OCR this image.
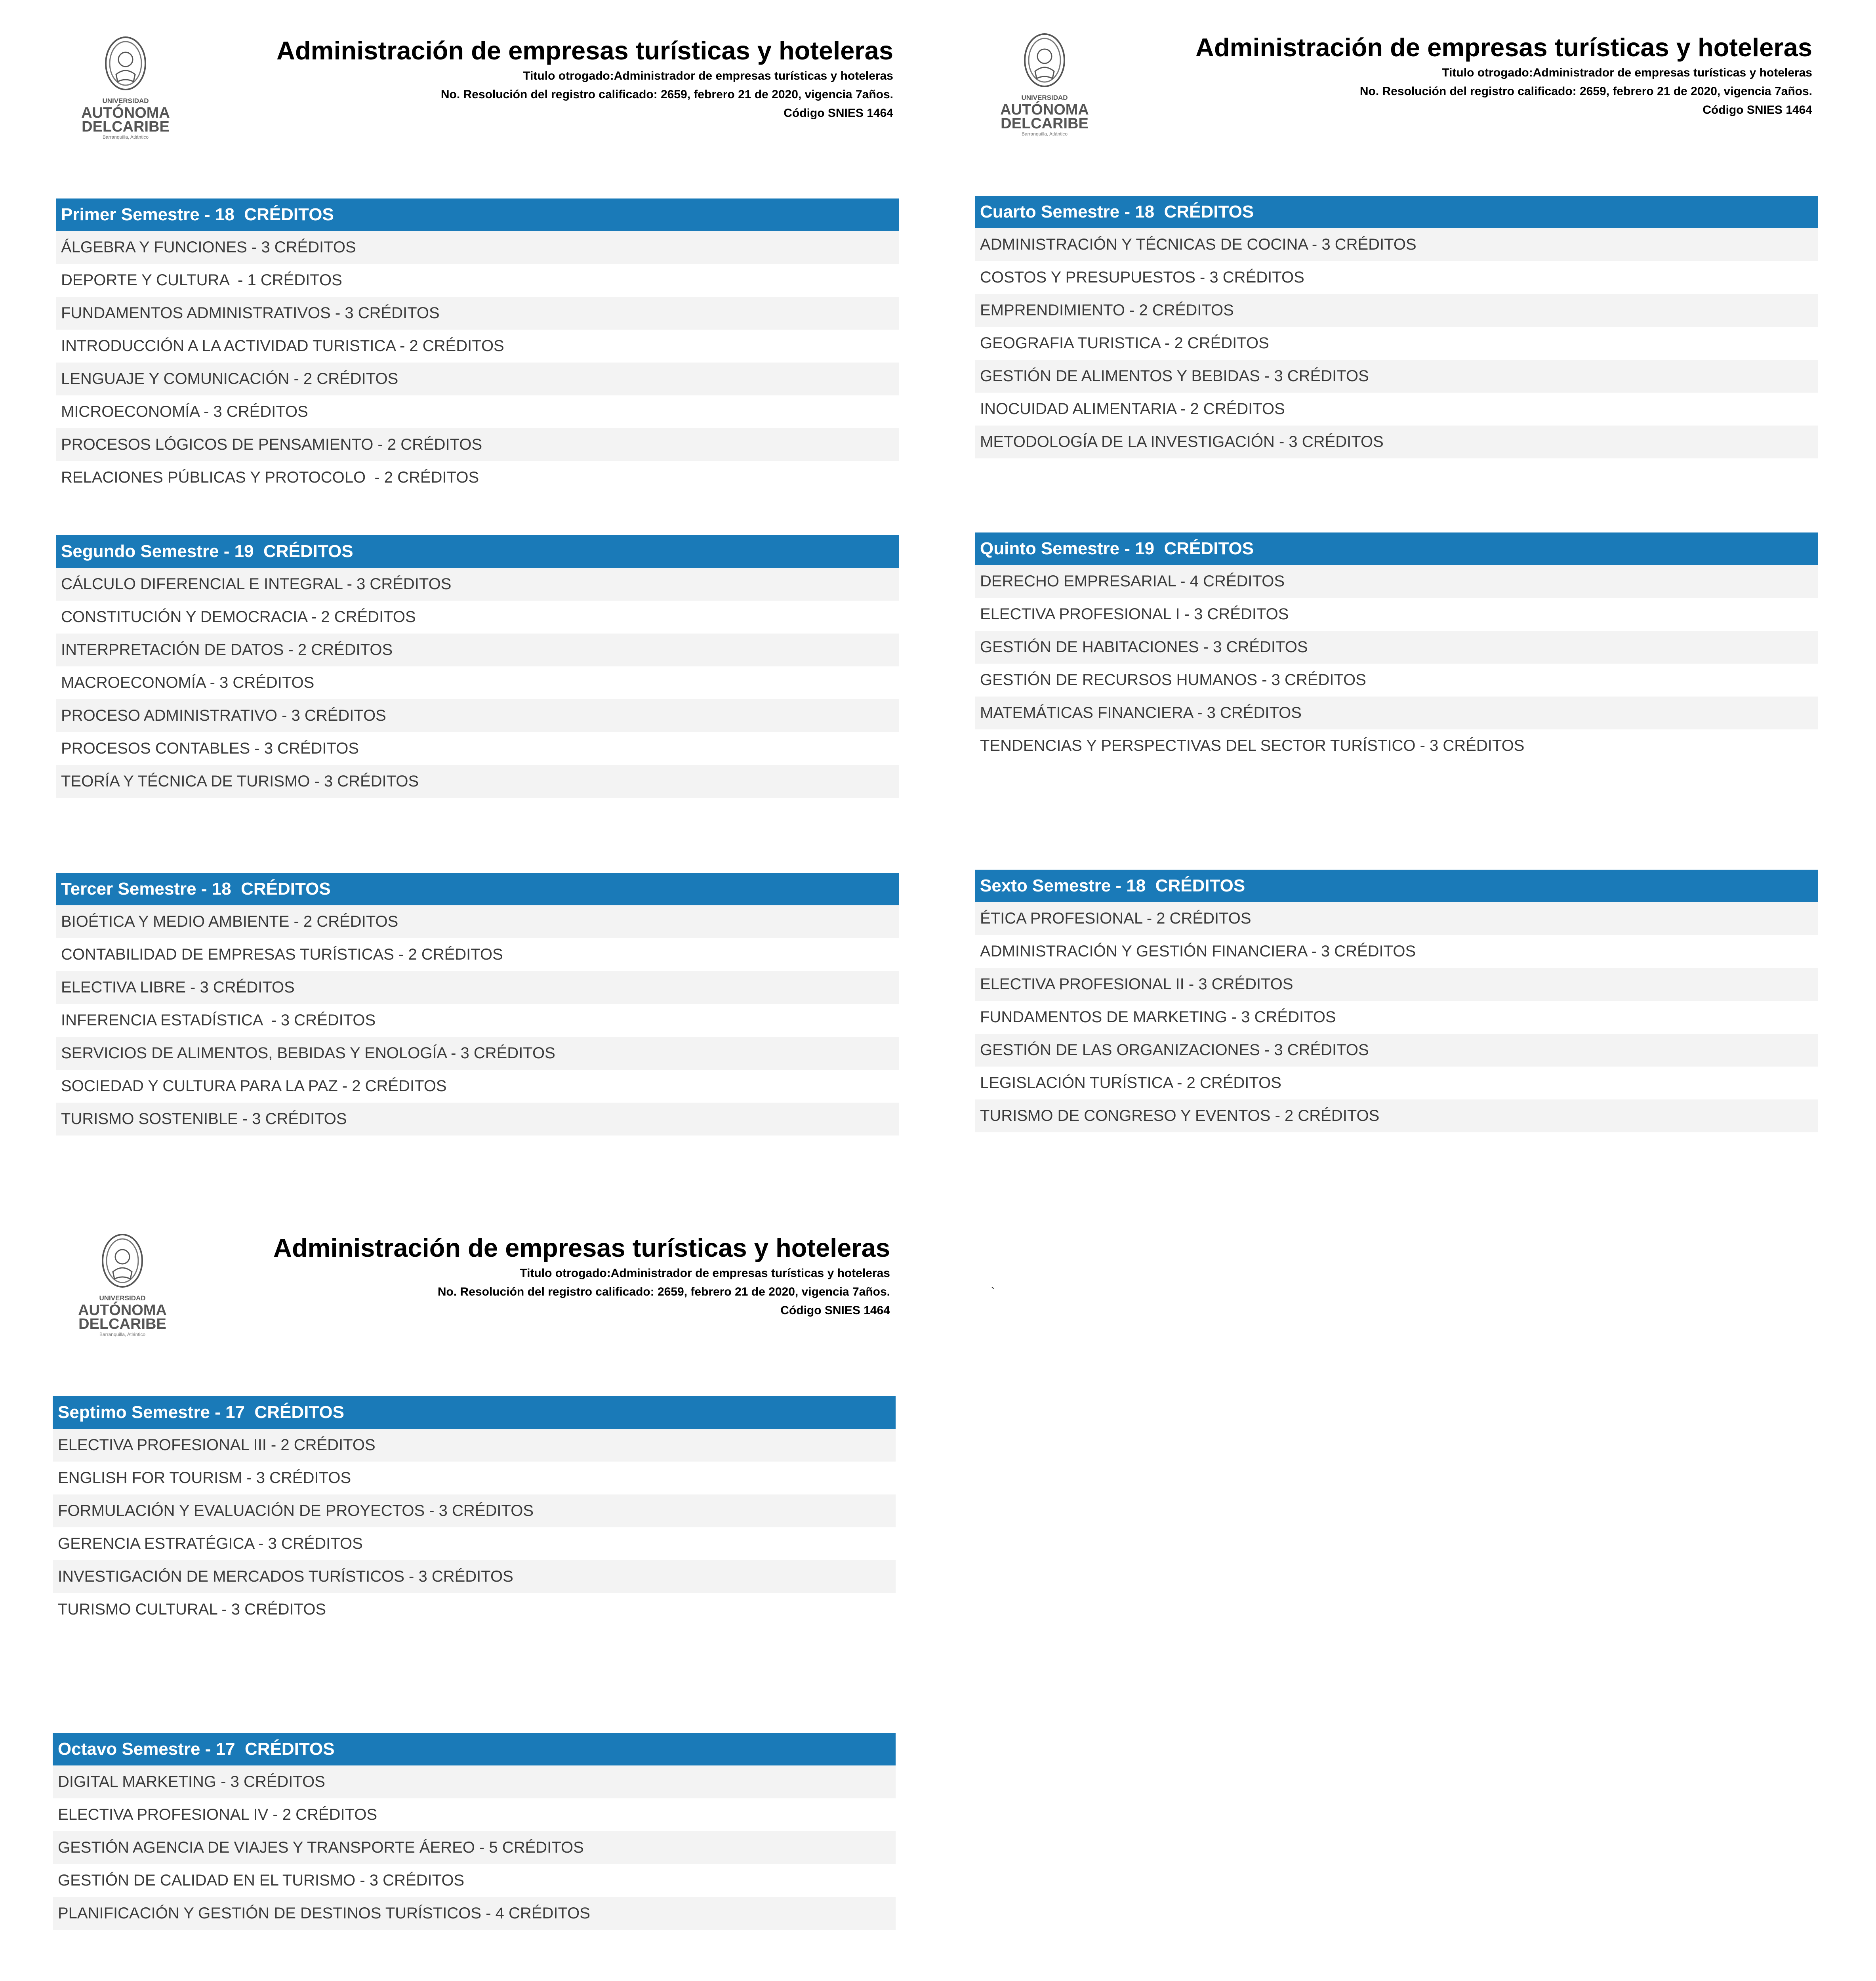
UNIVERSIDAD
AUTÓNOMA
DELCARIBE
Barranquilla, Atlántico
Administración de empresas turísticas y hoteleras
Titulo otrogado:Administrador de empresas turísticas y hoteleras
No. Resolución del registro calificado: 2659, febrero 21 de 2020, vigencia 7años.
Código SNIES 1464
UNIVERSIDAD
AUTÓNOMA
DELCARIBE
Barranquilla, Atlántico
Administración de empresas turísticas y hoteleras
Titulo otrogado:Administrador de empresas turísticas y hoteleras
No. Resolución del registro calificado: 2659, febrero 21 de 2020, vigencia 7años.
Código SNIES 1464
UNIVERSIDAD
AUTÓNOMA
DELCARIBE
Barranquilla, Atlántico
Administración de empresas turísticas y hoteleras
Titulo otrogado:Administrador de empresas turísticas y hoteleras
No. Resolución del registro calificado: 2659, febrero 21 de 2020, vigencia 7años.
Código SNIES 1464
`
Primer Semestre - 18  CRÉDITOS
ÁLGEBRA Y FUNCIONES - 3 CRÉDITOS
DEPORTE Y CULTURA  - 1 CRÉDITOS
FUNDAMENTOS ADMINISTRATIVOS - 3 CRÉDITOS
INTRODUCCIÓN A LA ACTIVIDAD TURISTICA - 2 CRÉDITOS
LENGUAJE Y COMUNICACIÓN - 2 CRÉDITOS
MICROECONOMÍA - 3 CRÉDITOS
PROCESOS LÓGICOS DE PENSAMIENTO - 2 CRÉDITOS
RELACIONES PÚBLICAS Y PROTOCOLO  - 2 CRÉDITOS
Segundo Semestre - 19  CRÉDITOS
CÁLCULO DIFERENCIAL E INTEGRAL - 3 CRÉDITOS
CONSTITUCIÓN Y DEMOCRACIA - 2 CRÉDITOS
INTERPRETACIÓN DE DATOS - 2 CRÉDITOS
MACROECONOMÍA - 3 CRÉDITOS
PROCESO ADMINISTRATIVO - 3 CRÉDITOS
PROCESOS CONTABLES - 3 CRÉDITOS
TEORÍA Y TÉCNICA DE TURISMO - 3 CRÉDITOS
Tercer Semestre - 18  CRÉDITOS
BIOÉTICA Y MEDIO AMBIENTE - 2 CRÉDITOS
CONTABILIDAD DE EMPRESAS TURÍSTICAS - 2 CRÉDITOS
ELECTIVA LIBRE - 3 CRÉDITOS
INFERENCIA ESTADÍSTICA  - 3 CRÉDITOS
SERVICIOS DE ALIMENTOS, BEBIDAS Y ENOLOGÍA - 3 CRÉDITOS
SOCIEDAD Y CULTURA PARA LA PAZ - 2 CRÉDITOS
TURISMO SOSTENIBLE - 3 CRÉDITOS
Cuarto Semestre - 18  CRÉDITOS
ADMINISTRACIÓN Y TÉCNICAS DE COCINA - 3 CRÉDITOS
COSTOS Y PRESUPUESTOS - 3 CRÉDITOS
EMPRENDIMIENTO - 2 CRÉDITOS
GEOGRAFIA TURISTICA - 2 CRÉDITOS
GESTIÓN DE ALIMENTOS Y BEBIDAS - 3 CRÉDITOS
INOCUIDAD ALIMENTARIA - 2 CRÉDITOS
METODOLOGÍA DE LA INVESTIGACIÓN - 3 CRÉDITOS
Quinto Semestre - 19  CRÉDITOS
DERECHO EMPRESARIAL - 4 CRÉDITOS
ELECTIVA PROFESIONAL I - 3 CRÉDITOS
GESTIÓN DE HABITACIONES - 3 CRÉDITOS
GESTIÓN DE RECURSOS HUMANOS - 3 CRÉDITOS
MATEMÁTICAS FINANCIERA - 3 CRÉDITOS
TENDENCIAS Y PERSPECTIVAS DEL SECTOR TURÍSTICO - 3 CRÉDITOS
Sexto Semestre - 18  CRÉDITOS
ÉTICA PROFESIONAL - 2 CRÉDITOS
ADMINISTRACIÓN Y GESTIÓN FINANCIERA - 3 CRÉDITOS
ELECTIVA PROFESIONAL II - 3 CRÉDITOS
FUNDAMENTOS DE MARKETING - 3 CRÉDITOS
GESTIÓN DE LAS ORGANIZACIONES - 3 CRÉDITOS
LEGISLACIÓN TURÍSTICA - 2 CRÉDITOS
TURISMO DE CONGRESO Y EVENTOS - 2 CRÉDITOS
Septimo Semestre - 17  CRÉDITOS
ELECTIVA PROFESIONAL III - 2 CRÉDITOS
ENGLISH FOR TOURISM - 3 CRÉDITOS
FORMULACIÓN Y EVALUACIÓN DE PROYECTOS - 3 CRÉDITOS
GERENCIA ESTRATÉGICA - 3 CRÉDITOS
INVESTIGACIÓN DE MERCADOS TURÍSTICOS - 3 CRÉDITOS
TURISMO CULTURAL - 3 CRÉDITOS
Octavo Semestre - 17  CRÉDITOS
DIGITAL MARKETING - 3 CRÉDITOS
ELECTIVA PROFESIONAL IV - 2 CRÉDITOS
GESTIÓN AGENCIA DE VIAJES Y TRANSPORTE ÁEREO - 5 CRÉDITOS
GESTIÓN DE CALIDAD EN EL TURISMO - 3 CRÉDITOS
PLANIFICACIÓN Y GESTIÓN DE DESTINOS TURÍSTICOS - 4 CRÉDITOS
